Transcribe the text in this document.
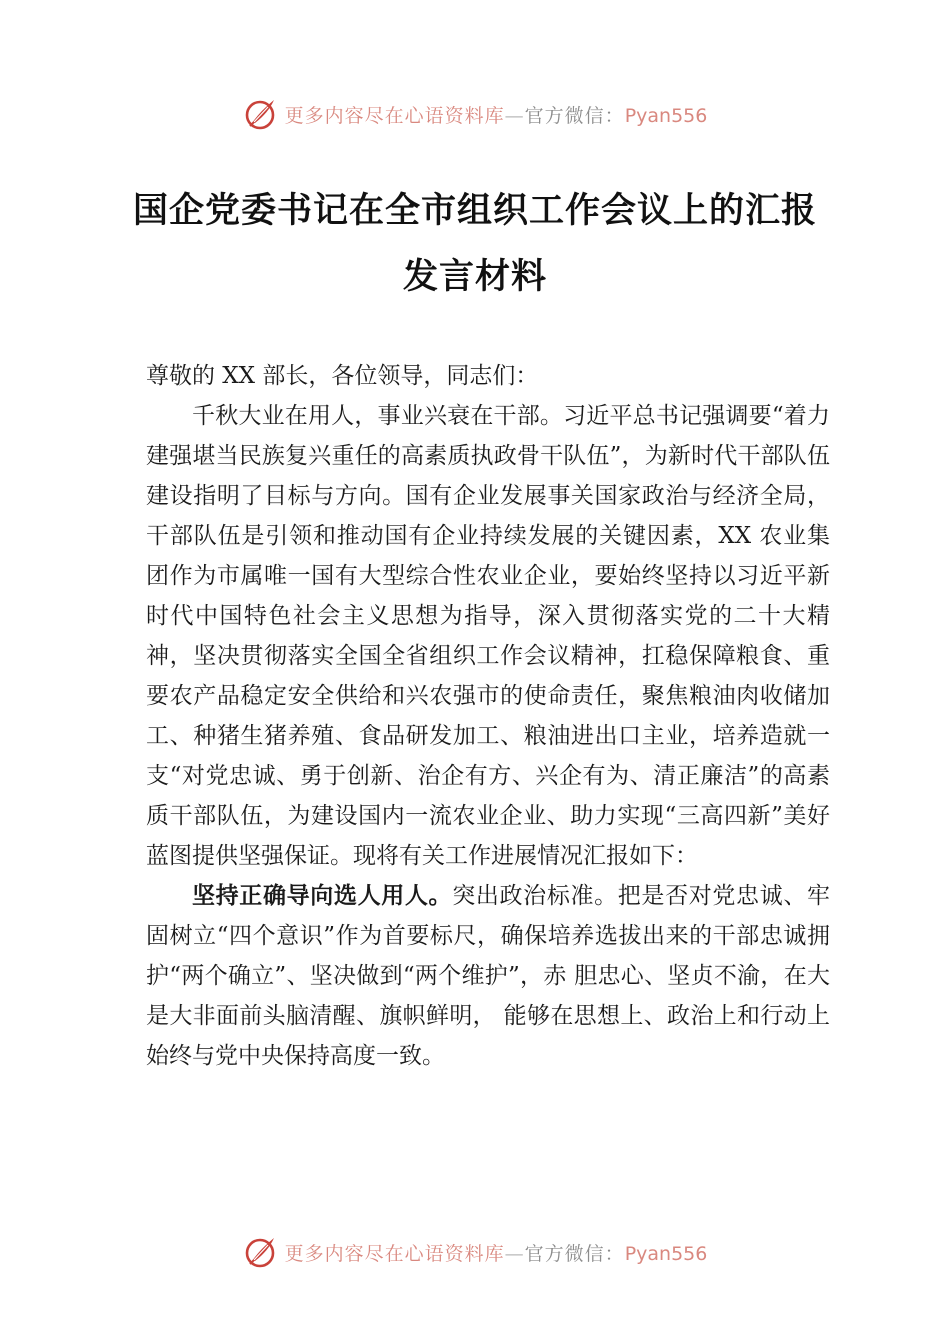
更多内容尽在心语资料库—官方微信：Pyan556
国企党委书记在全市组织工作会议上的汇报发言材料

尊敬的 XX 部长，各位领导，同志们：

千秋大业在用人，事业兴衰在干部。习近平总书记强调要“着力建强堪当民族复兴重任的高素质执政骨干队伍”，为新时代干部队伍建设指明了目标与方向。国有企业发展事关国家政治与经济全局，干部队伍是引领和推动国有企业持续发展的关键因素，XX 农业集团作为市属唯一国有大型综合性农业企业，要始终坚持以习近平新时代中国特色社会主义思想为指导，深入贯彻落实党的二十大精神，坚决贯彻落实全国全省组织工作会议精神，扛稳保障粮食、重要农产品稳定安全供给和兴农强市的使命责任，聚焦粮油肉收储加工、种猪生猪养殖、食品研发加工、粮油进出口主业，培养造就一支“对党忠诚、勇于创新、治企有方、兴企有为、清正廉洁”的高素质干部队伍，为建设国内一流农业企业、助力实现“三高四新”美好蓝图提供坚强保证。现将有关工作进展情况汇报如下：

坚持正确导向选人用人。突出政治标准。把是否对党忠诚、牢固树立“四个意识”作为首要标尺，确保培养选拔出来的干部忠诚拥护“两个确立”、坚决做到“两个维护”，赤 胆忠心、坚贞不渝，在大是大非面前头脑清醒、旗帜鲜明， 能够在思想上、政治上和行动上始终与党中央保持高度一致。

更多内容尽在心语资料库—官方微信：Pyan556
